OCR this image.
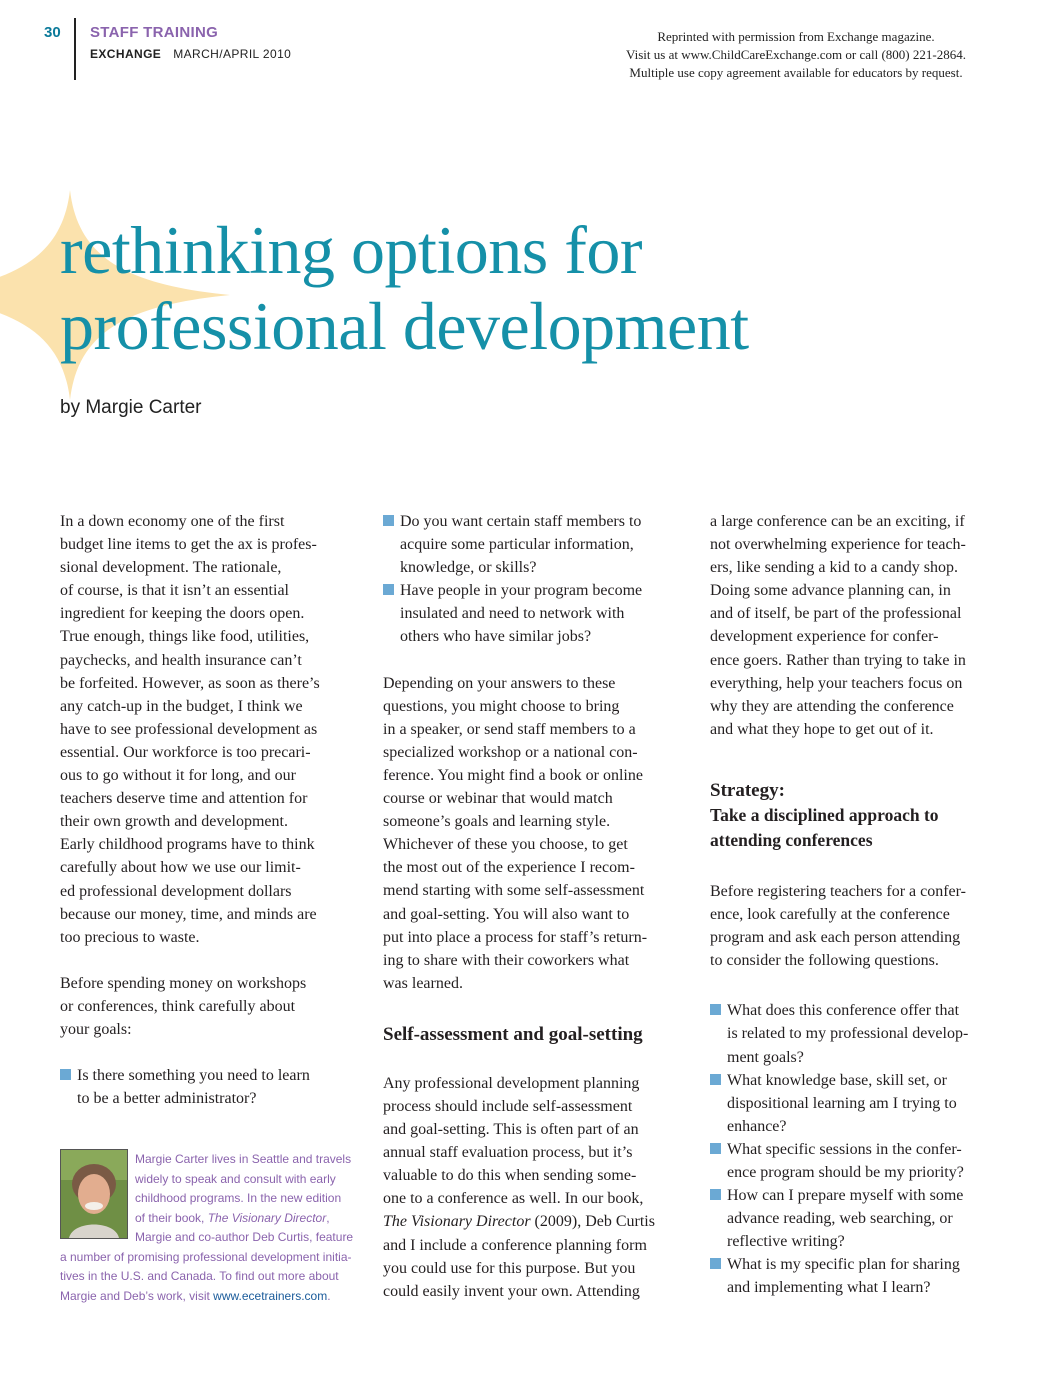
30 STAFF TRAINING
EXCHANGE MARCH/APRIL 2010
Reprinted with permission from Exchange magazine.
Visit us at www.ChildCareExchange.com or call (800) 221-2864.
Multiple use copy agreement available for educators by request.
rethinking options for
professional development
by Margie Carter

In a down economy one of the first
budget line items to get the ax is profes-
sional development. The rationale,
of course, is that it isn’t an essential
ingredient for keeping the doors open.
True enough, things like food, utilities,
paychecks, and health insurance can’t
be forfeited. However, as soon as there’s
any catch-up in the budget, I think we
have to see professional development as
essential. Our workforce is too precari-
ous to go without it for long, and our
teachers deserve time and attention for
their own growth and development.
Early childhood programs have to think
carefully about how we use our limit-
ed professional development dollars
because our money, time, and minds are
too precious to waste.

Before spending money on workshops
or conferences, think carefully about
your goals:

Is there something you need to learn
to be a better administrator?
Margie Carter lives in Seattle and travels
widely to speak and consult with early
childhood programs. In the new edition
of their book, The Visionary Director,
Margie and co-author Deb Curtis, feature
a number of promising professional development initia-
tives in the U.S. and Canada. To find out more about
Margie and Deb’s work, visit www.ecetrainers.com.
Do you want certain staff members to
acquire some particular information,
knowledge, or skills?
Have people in your program become
insulated and need to network with
others who have similar jobs?

Depending on your answers to these
questions, you might choose to bring
in a speaker, or send staff members to a
specialized workshop or a national con-
ference. You might find a book or online
course or webinar that would match
someone’s goals and learning style.
Whichever of these you choose, to get
the most out of the experience I recom-
mend starting with some self-assessment
and goal-setting. You will also want to
put into place a process for staff’s return-
ing to share with their coworkers what
was learned.

Self-assessment and goal-setting

Any professional development planning
process should include self-assessment
and goal-setting. This is often part of an
annual staff evaluation process, but it’s
valuable to do this when sending some-
one to a conference as well. In our book,
The Visionary Director (2009), Deb Curtis
and I include a conference planning form
you could use for this purpose. But you
could easily invent your own. Attending

a large conference can be an exciting, if
not overwhelming experience for teach-
ers, like sending a kid to a candy shop.
Doing some advance planning can, in
and of itself, be part of the professional
development experience for confer-
ence goers. Rather than trying to take in
everything, help your teachers focus on
why they are attending the conference
and what they hope to get out of it.

Strategy:
Take a disciplined approach to
attending conferences

Before registering teachers for a confer-
ence, look carefully at the conference
program and ask each person attending
to consider the following questions.

What does this conference offer that
is related to my professional develop-
ment goals?
What knowledge base, skill set, or
dispositional learning am I trying to
enhance?
What specific sessions in the confer-
ence program should be my priority?
How can I prepare myself with some
advance reading, web searching, or
reflective writing?
What is my specific plan for sharing
and implementing what I learn?
